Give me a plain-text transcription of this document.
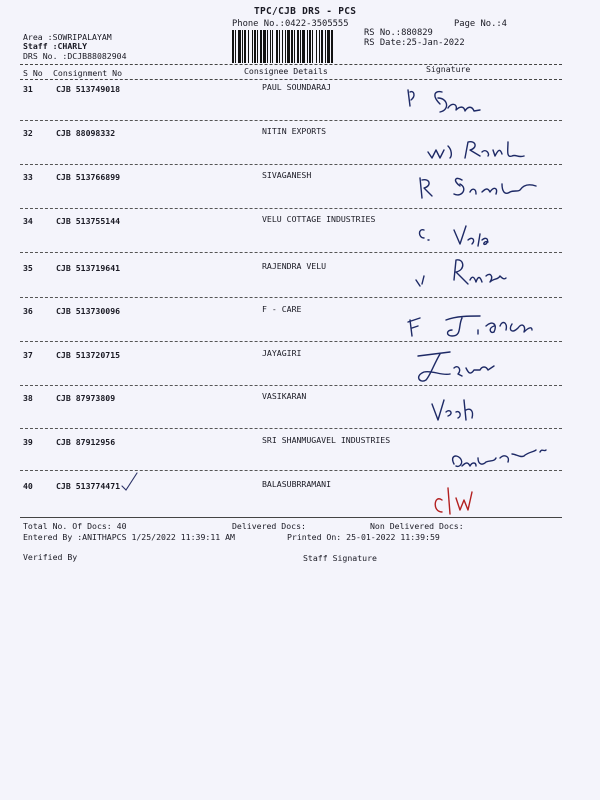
TPC/CJB DRS - PCS
Phone No.:0422-3505555	Page No.:4
Area :SOWRIPALAYAM
Staff :CHARLY
DRS No. :DCJB88082904
RS No.:880829
RS Date:25-Jan-2022
S No Consignment No	Consignee Details	Signature
31	CJB 513749018	PAUL SOUNDARAJ
32	CJB 88098332	NITIN EXPORTS
33	CJB 513766899	SIVAGANESH
34	CJB 513755144	VELU COTTAGE INDUSTRIES
35	CJB 513719641	RAJENDRA VELU
36	CJB 513730096	F - CARE
37	CJB 513720715	JAYAGIRI
38	CJB 87973809	VASIKARAN
39	CJB 87912956	SRI SHANMUGAVEL INDUSTRIES
40	CJB 513774471	BALASUBRRAMANI
Total No. Of Docs: 40	Delivered Docs:	Non Delivered Docs:
Entered By :ANITHAPCS 1/25/2022 11:39:11 AM	Printed On: 25-01-2022 11:39:59
Verified By	Staff Signature
